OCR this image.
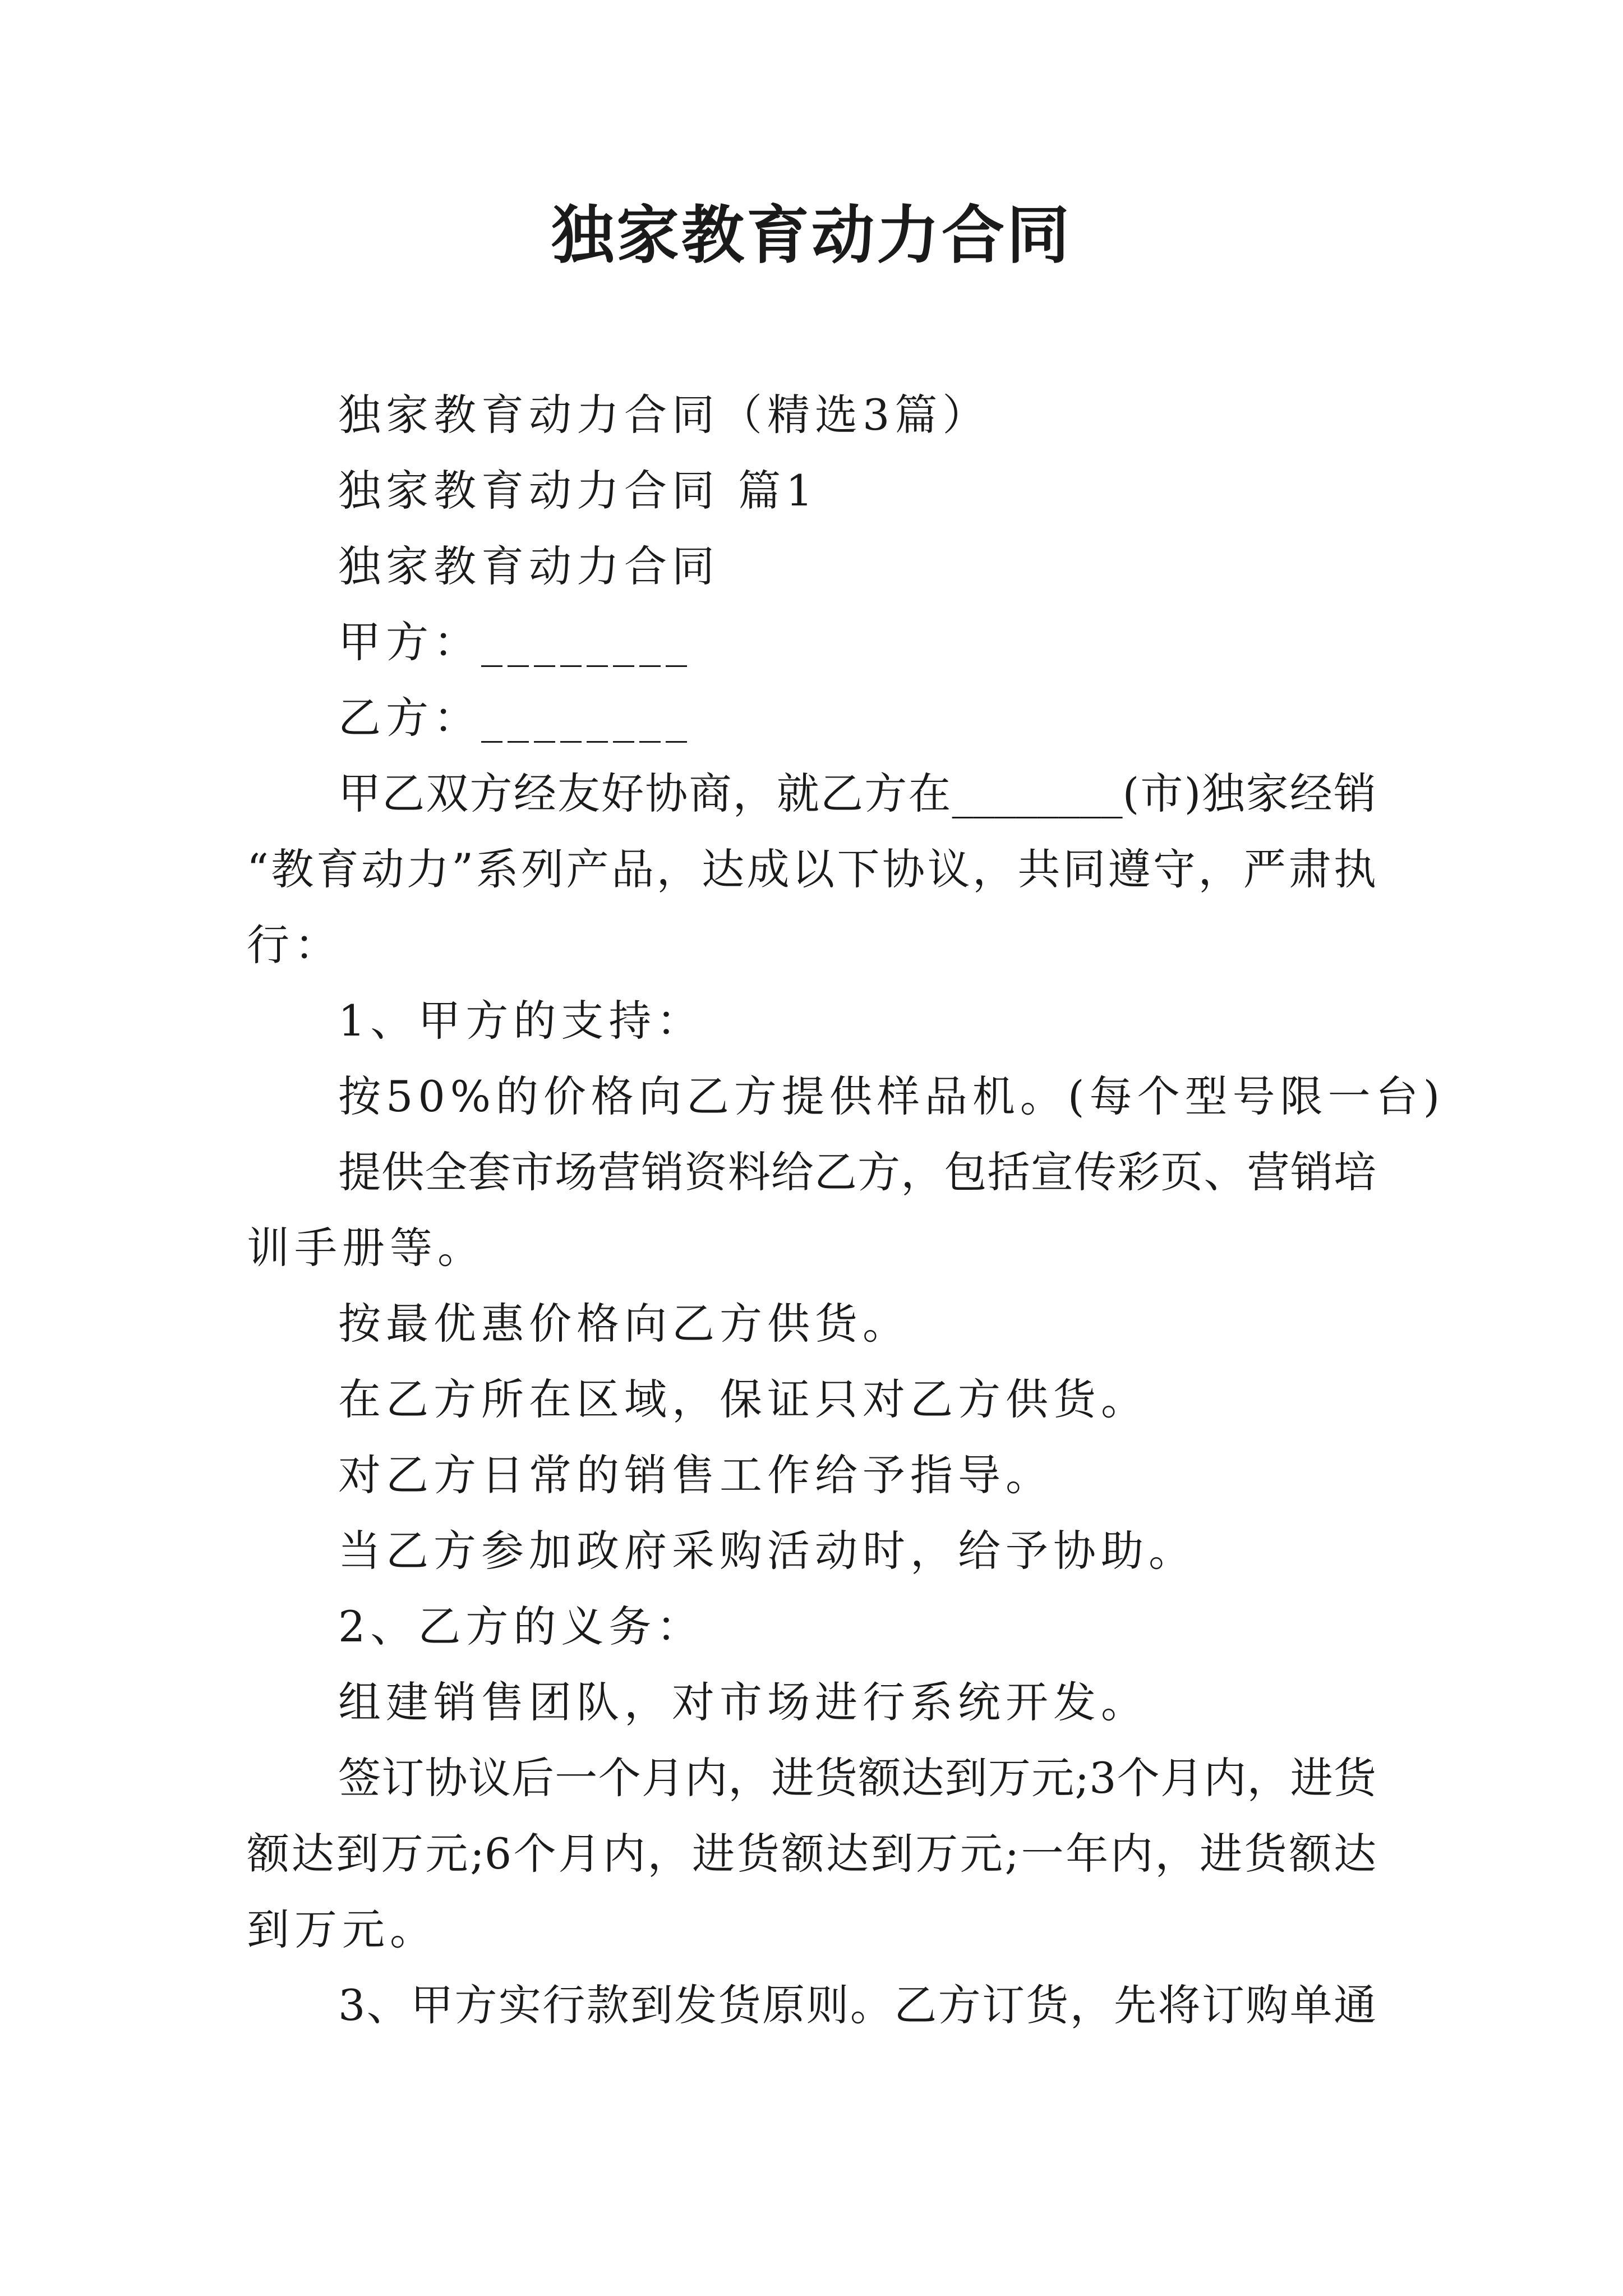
独家教育动力合同

独家教育动力合同（精选3篇）

独家教育动力合同 篇1

独家教育动力合同

甲方：________

乙方：________

甲乙双方经友好协商，就乙方在________(市)独家经销

“教育动力”系列产品，达成以下协议，共同遵守，严肃执

行：

1、甲方的支持：

按50%的价格向乙方提供样品机。(每个型号限一台)

提供全套市场营销资料给乙方，包括宣传彩页、营销培

训手册等。

按最优惠价格向乙方供货。

在乙方所在区域，保证只对乙方供货。

对乙方日常的销售工作给予指导。

当乙方参加政府采购活动时，给予协助。

2、乙方的义务：

组建销售团队，对市场进行系统开发。

签订协议后一个月内，进货额达到万元;3个月内，进货

额达到万元;6个月内，进货额达到万元;一年内，进货额达

到万元。

3、甲方实行款到发货原则。乙方订货，先将订购单通
